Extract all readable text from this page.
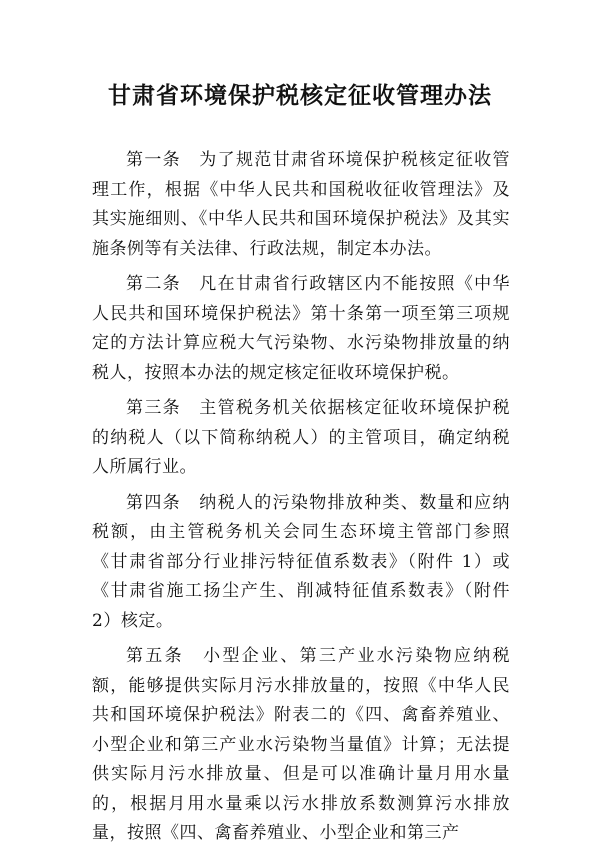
甘肃省环境保护税核定征收管理办法

第一条　为了规范甘肃省环境保护税核定征收管理工作，根据《中华人民共和国税收征收管理法》及其实施细则、《中华人民共和国环境保护税法》及其实施条例等有关法律、行政法规，制定本办法。

第二条　凡在甘肃省行政辖区内不能按照《中华人民共和国环境保护税法》第十条第一项至第三项规定的方法计算应税大气污染物、水污染物排放量的纳税人，按照本办法的规定核定征收环境保护税。

第三条　主管税务机关依据核定征收环境保护税的纳税人（以下简称纳税人）的主管项目，确定纳税人所属行业。

第四条　纳税人的污染物排放种类、数量和应纳税额，由主管税务机关会同生态环境主管部门参照《甘肃省部分行业排污特征值系数表》（附件 1）或《甘肃省施工扬尘产生、削减特征值系数表》（附件 2）核定。

第五条　小型企业、第三产业水污染物应纳税额，能够提供实际月污水排放量的，按照《中华人民共和国环境保护税法》附表二的《四、禽畜养殖业、小型企业和第三产业水污染物当量值》计算；无法提供实际月污水排放量、但是可以准确计量月用水量的，根据月用水量乘以污水排放系数测算污水排放量，按照《四、禽畜养殖业、小型企业和第三产
